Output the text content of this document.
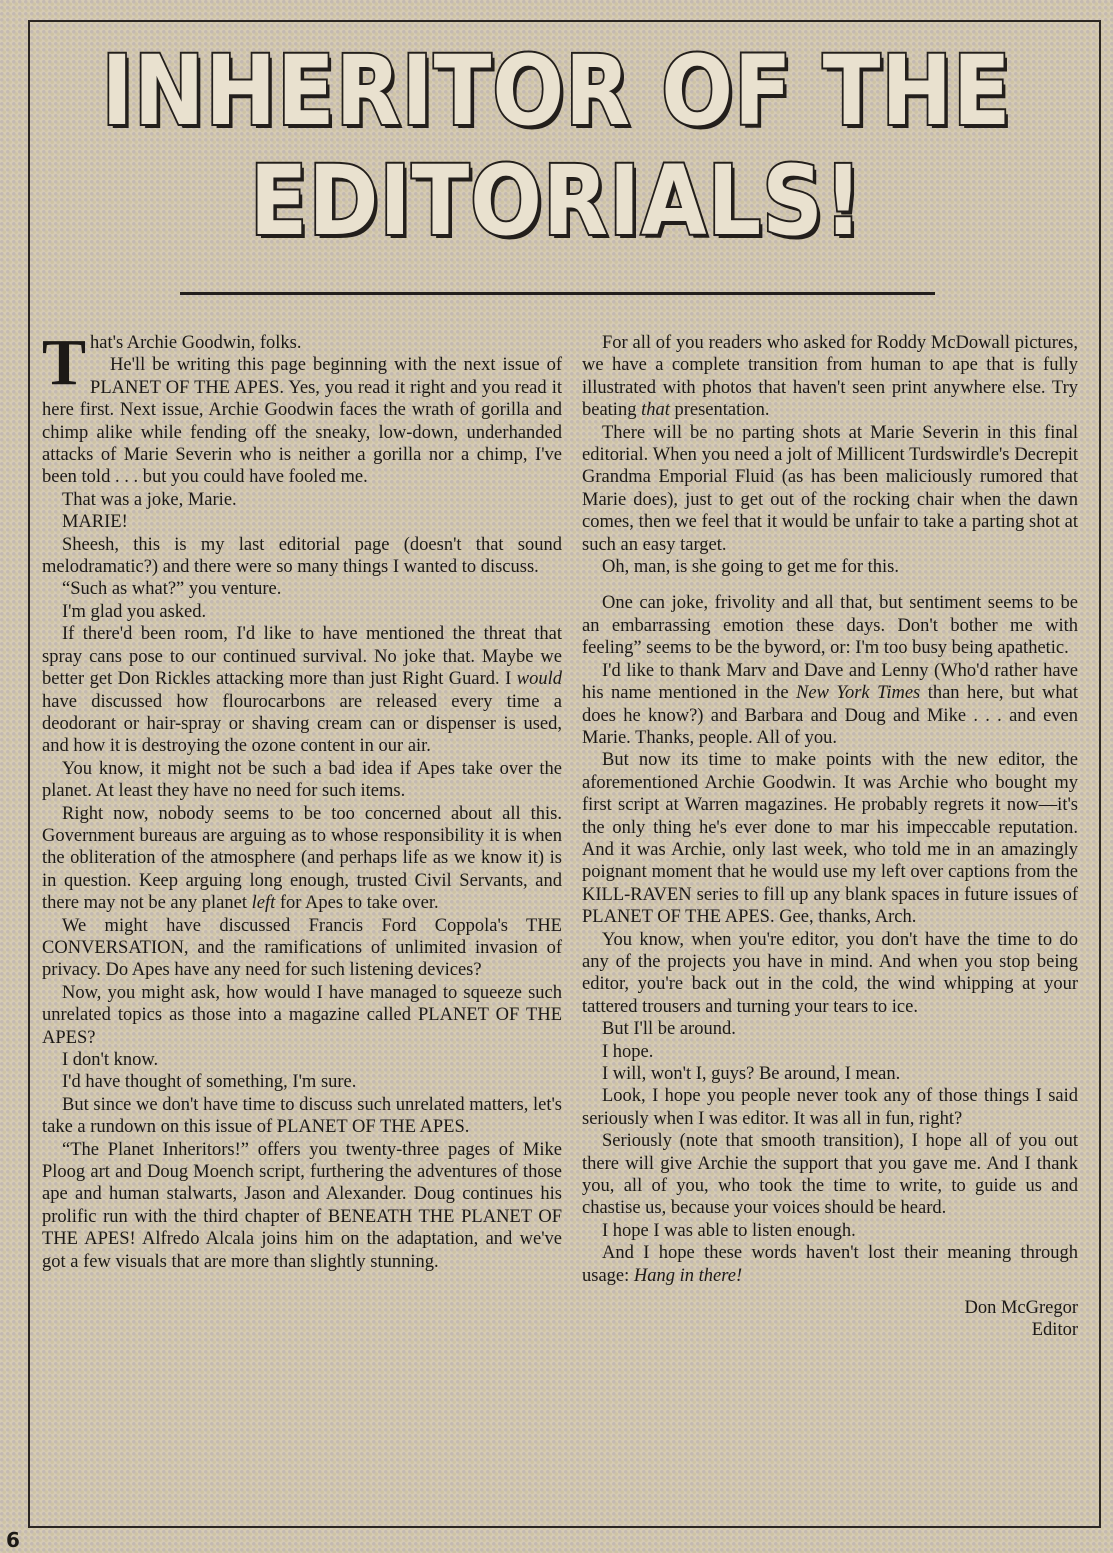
INHERITOR OF THE
EDITORIALS!

That's Archie Goodwin, folks.

He'll be writing this page beginning with the next issue of PLANET OF THE APES. Yes, you read it right and you read it here first. Next issue, Archie Goodwin faces the wrath of gorilla and chimp alike while fending off the sneaky, low-down, underhanded attacks of Marie Severin who is neither a gorilla nor a chimp, I've been told . . . but you could have fooled me.

That was a joke, Marie.

MARIE!

Sheesh, this is my last editorial page (doesn't that sound melodramatic?) and there were so many things I wanted to discuss.

“Such as what?” you venture.

I'm glad you asked.

If there'd been room, I'd like to have mentioned the threat that spray cans pose to our continued survival. No joke that. Maybe we better get Don Rickles attacking more than just Right Guard. I would have discussed how flourocarbons are released every time a deodorant or hair-spray or shaving cream can or dispenser is used, and how it is destroying the ozone content in our air.

You know, it might not be such a bad idea if Apes take over the planet. At least they have no need for such items.

Right now, nobody seems to be too concerned about all this. Government bureaus are arguing as to whose responsibility it is when the obliteration of the atmosphere (and perhaps life as we know it) is in question. Keep arguing long enough, trusted Civil Servants, and there may not be any planet left for Apes to take over.

We might have discussed Francis Ford Coppola's THE CONVERSATION, and the ramifications of unlimited invasion of privacy. Do Apes have any need for such listening devices?

Now, you might ask, how would I have managed to squeeze such unrelated topics as those into a magazine called PLANET OF THE APES?

I don't know.

I'd have thought of something, I'm sure.

But since we don't have time to discuss such unrelated matters, let's take a rundown on this issue of PLANET OF THE APES.

“The Planet Inheritors!” offers you twenty-three pages of Mike Ploog art and Doug Moench script, furthering the adventures of those ape and human stalwarts, Jason and Alexander. Doug continues his prolific run with the third chapter of BENEATH THE PLANET OF THE APES! Alfredo Alcala joins him on the adaptation, and we've got a few visuals that are more than slightly stunning.

For all of you readers who asked for Roddy McDowall pictures, we have a complete transition from human to ape that is fully illustrated with photos that haven't seen print anywhere else. Try beating that presentation.

There will be no parting shots at Marie Severin in this final editorial. When you need a jolt of Millicent Turdswirdle's Decrepit Grandma Emporial Fluid (as has been maliciously rumored that Marie does), just to get out of the rocking chair when the dawn comes, then we feel that it would be unfair to take a parting shot at such an easy target.

Oh, man, is she going to get me for this.

One can joke, frivolity and all that, but sentiment seems to be an embarrassing emotion these days. Don't bother me with feeling” seems to be the byword, or: I'm too busy being apathetic.

I'd like to thank Marv and Dave and Lenny (Who'd rather have his name mentioned in the New York Times than here, but what does he know?) and Barbara and Doug and Mike . . . and even Marie. Thanks, people. All of you.

But now its time to make points with the new editor, the aforementioned Archie Goodwin. It was Archie who bought my first script at Warren magazines. He probably regrets it now—it's the only thing he's ever done to mar his impeccable reputation. And it was Archie, only last week, who told me in an amazingly poignant moment that he would use my left over captions from the KILL-RAVEN series to fill up any blank spaces in future issues of PLANET OF THE APES. Gee, thanks, Arch.

You know, when you're editor, you don't have the time to do any of the projects you have in mind. And when you stop being editor, you're back out in the cold, the wind whipping at your tattered trousers and turning your tears to ice.

But I'll be around.

I hope.

I will, won't I, guys? Be around, I mean.

Look, I hope you people never took any of those things I said seriously when I was editor. It was all in fun, right?

Seriously (note that smooth transition), I hope all of you out there will give Archie the support that you gave me. And I thank you, all of you, who took the time to write, to guide us and chastise us, because your voices should be heard.

I hope I was able to listen enough.

And I hope these words haven't lost their meaning through usage: Hang in there!

Don McGregor
Editor
6
